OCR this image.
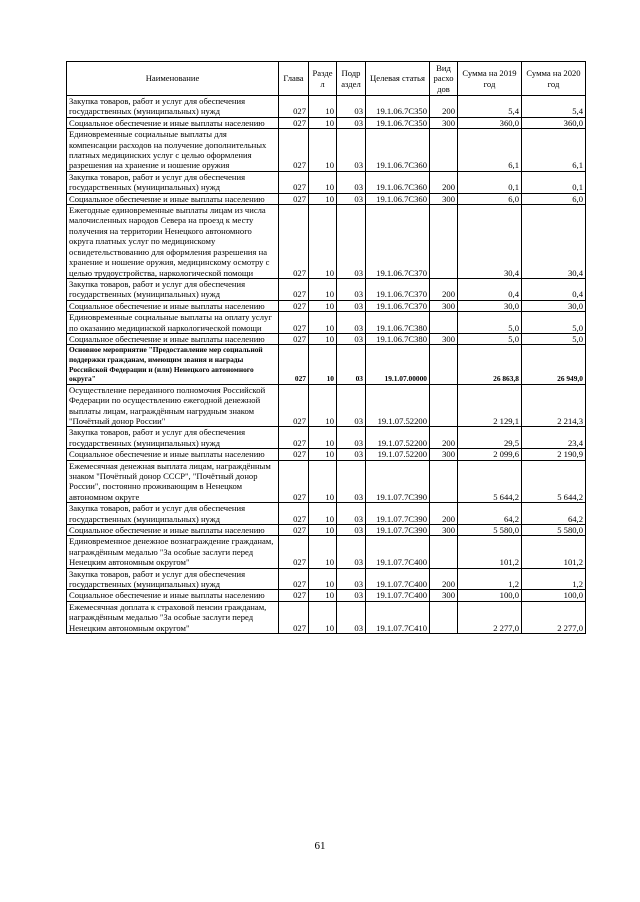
Наименование	Глава	Разде л	Подр аздел	Целевая статья	Вид расхо дов	Сумма на 2019 год	Сумма на 2020 год
Закупка товаров, работ и услуг для обеспечения государственных (муниципальных) нужд	027	10	03	19.1.06.7С350	200	5,4	5,4
Социальное обеспечение и иные выплаты населению	027	10	03	19.1.06.7С350	300	360,0	360,0
Единовременные социальные выплаты для компенсации расходов на получение дополнительных платных медицинских услуг с целью оформления разрешения на хранение и ношение оружия	027	10	03	19.1.06.7С360		6,1	6,1
Закупка товаров, работ и услуг для обеспечения государственных (муниципальных) нужд	027	10	03	19.1.06.7С360	200	0,1	0,1
Социальное обеспечение и иные выплаты населению	027	10	03	19.1.06.7С360	300	6,0	6,0
Ежегодные единовременные выплаты лицам из числа малочисленных народов Севера на проезд к месту получения на территории Ненецкого автономного округа платных услуг по медицинскому освидетельствованию для оформления разрешения на хранение и ношение оружия, медицинскому осмотру с целью трудоустройства, наркологической помощи	027	10	03	19.1.06.7С370		30,4	30,4
Закупка товаров, работ и услуг для обеспечения государственных (муниципальных) нужд	027	10	03	19.1.06.7С370	200	0,4	0,4
Социальное обеспечение и иные выплаты населению	027	10	03	19.1.06.7С370	300	30,0	30,0
Единовременные социальные выплаты на оплату услуг по оказанию медицинской наркологической помощи	027	10	03	19.1.06.7С380		5,0	5,0
Социальное обеспечение и иные выплаты населению	027	10	03	19.1.06.7С380	300	5,0	5,0
Основное мероприятие "Предоставление мер социальной поддержки гражданам, имеющим звания и награды Российской Федерации и (или) Ненецкого автономного округа"	027	10	03	19.1.07.00000		26 863,8	26 949,0
Осуществление переданного полномочия Российской Федерации по осуществлению ежегодной денежной выплаты лицам, награждённым нагрудным знаком "Почётный донор России"	027	10	03	19.1.07.52200		2 129,1	2 214,3
Закупка товаров, работ и услуг для обеспечения государственных (муниципальных) нужд	027	10	03	19.1.07.52200	200	29,5	23,4
Социальное обеспечение и иные выплаты населению	027	10	03	19.1.07.52200	300	2 099,6	2 190,9
Ежемесячная денежная выплата лицам, награждённым знаком "Почётный донор СССР", "Почётный донор России", постоянно проживающим в Ненецком автономном округе	027	10	03	19.1.07.7С390		5 644,2	5 644,2
Закупка товаров, работ и услуг для обеспечения государственных (муниципальных) нужд	027	10	03	19.1.07.7С390	200	64,2	64,2
Социальное обеспечение и иные выплаты населению	027	10	03	19.1.07.7С390	300	5 580,0	5 580,0
Единовременное денежное вознаграждение гражданам, награждённым медалью "За особые заслуги перед Ненецким автономным округом"	027	10	03	19.1.07.7С400		101,2	101,2
Закупка товаров, работ и услуг для обеспечения государственных (муниципальных) нужд	027	10	03	19.1.07.7С400	200	1,2	1,2
Социальное обеспечение и иные выплаты населению	027	10	03	19.1.07.7С400	300	100,0	100,0
Ежемесячная доплата к страховой пенсии гражданам, награждённым медалью "За особые заслуги перед Ненецким автономным округом"	027	10	03	19.1.07.7С410		2 277,0	2 277,0
61
